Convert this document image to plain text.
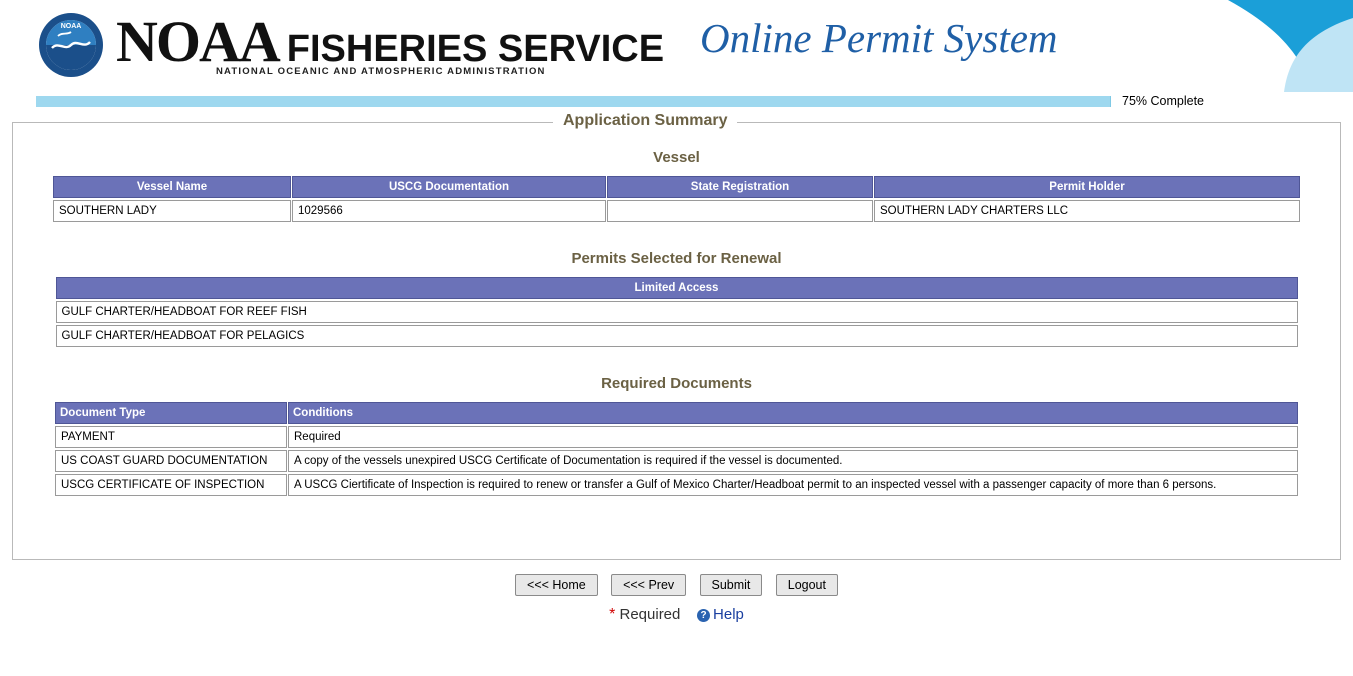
NOAA NOAA FISHERIES SERVICE
NATIONAL OCEANIC AND ATMOSPHERIC ADMINISTRATION
Online Permit System
75% Complete
Application Summary
Vessel
Vessel Name	USCG Documentation	State Registration	Permit Holder
SOUTHERN LADY	1029566		SOUTHERN LADY CHARTERS LLC
Permits Selected for Renewal
Limited Access
GULF CHARTER/HEADBOAT FOR REEF FISH
GULF CHARTER/HEADBOAT FOR PELAGICS
Required Documents
Document Type	Conditions
PAYMENT	Required
US COAST GUARD DOCUMENTATION	A copy of the vessels unexpired USCG Certificate of Documentation is required if the vessel is documented.
USCG CERTIFICATE OF INSPECTION	A USCG Ciertificate of Inspection is required to renew or transfer a Gulf of Mexico Charter/Headboat permit to an inspected vessel with a passenger capacity of more than 6 persons.
<<< Home	<<< Prev	Submit	Logout
* Required ? Help
